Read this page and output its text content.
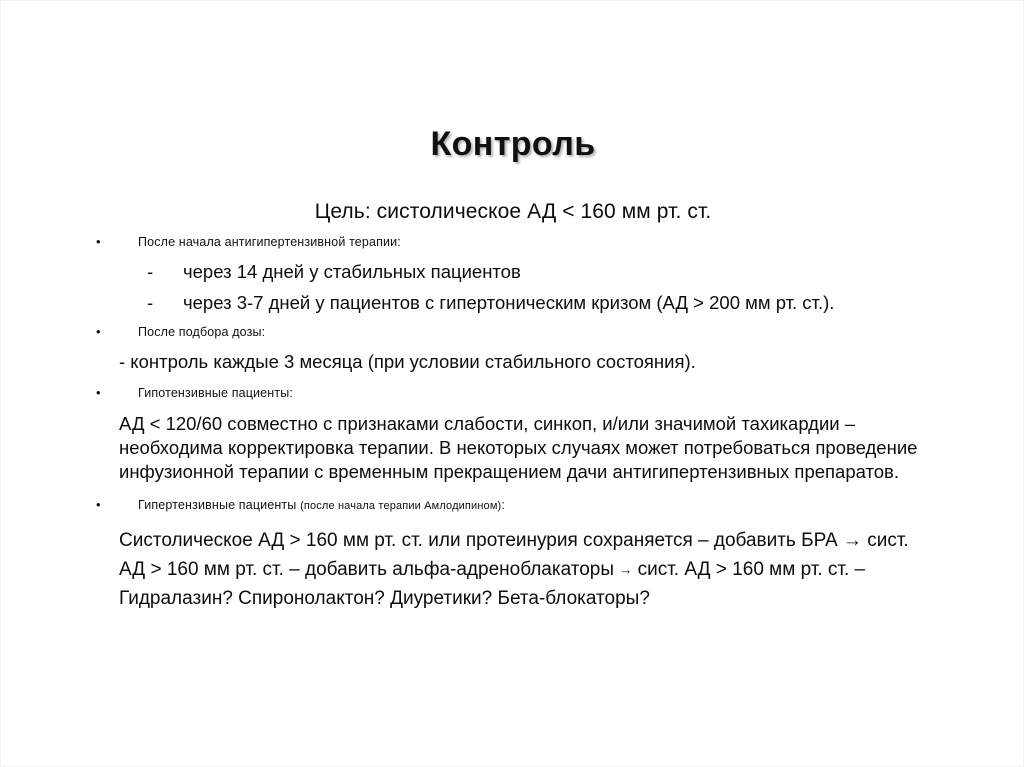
Контроль
Цель: систолическое АД < 160 мм рт. ст.
•	После начала антигипертензивной терапии:
- через 14 дней у стабильных пациентов
- через 3-7 дней у пациентов с гипертоническим кризом (АД > 200 мм рт. ст.).
•	После подбора дозы:
- контроль каждые 3 месяца (при условии стабильного состояния).
•	Гипотензивные пациенты:
АД < 120/60 совместно с признаками слабости, синкоп, и/или значимой тахикардии – необходима корректировка терапии. В некоторых случаях может потребоваться проведение инфузионной терапии с временным прекращением дачи антигипертензивных препаратов.
•	Гипертензивные пациенты (после начала терапии Амлодипином):
Систолическое АД > 160 мм рт. ст. или протеинурия сохраняется – добавить БРА → сист. АД > 160 мм рт. ст. – добавить альфа-адреноблакаторы → сист. АД > 160 мм рт. ст. – Гидралазин? Спиронолактон? Диуретики? Бета-блокаторы?
